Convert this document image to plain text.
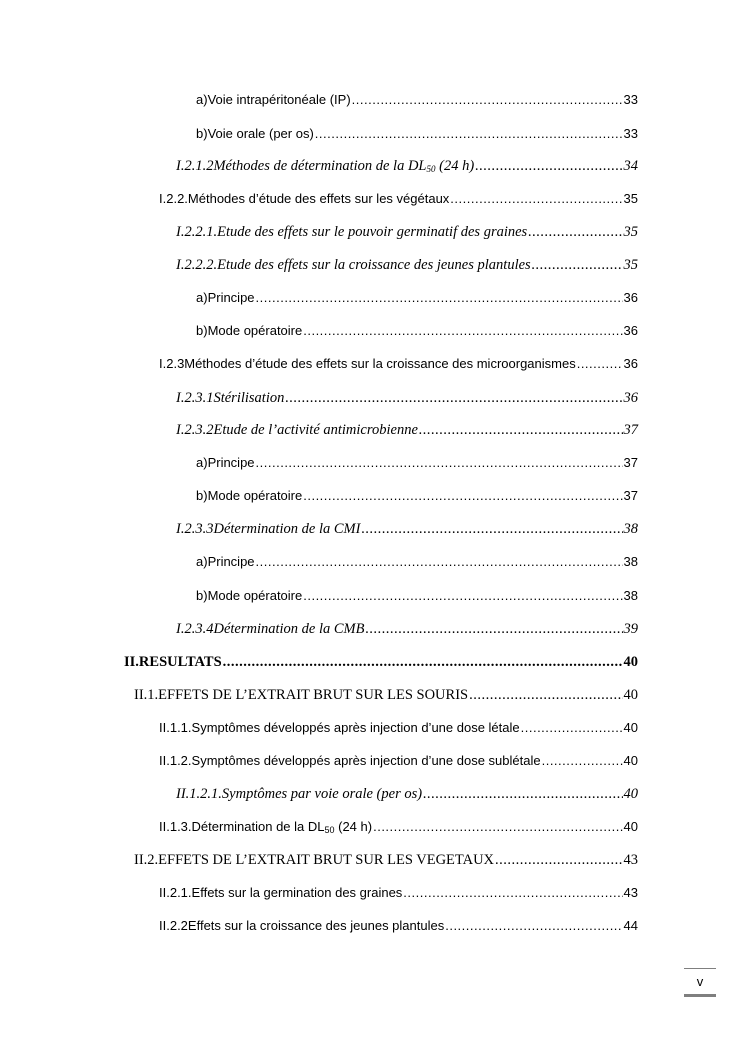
a) Voie intrapéritonéale (IP) .....	33
b) Voie orale (per os) .....	33
I.2.1.2 Méthodes de détermination de la $DL_{50}$ (24 h) .....	34
I.2.2. Méthodes d’étude des effets sur les végétaux .....	35
I.2.2.1. Etude des effets sur le pouvoir germinatif des graines .....	35
I.2.2.2. Etude des effets sur la croissance des jeunes plantules .....	35
a) Principe .....	36
b) Mode opératoire .....	36
I.2.3 Méthodes d’étude des effets sur la croissance des microorganismes .....	36
I.2.3.1 Stérilisation .....	36
I.2.3.2 Etude de l’activité antimicrobienne .....	37
a) Principe .....	37
b) Mode opératoire .....	37
I.2.3.3 Détermination de la CMI .....	38
a) Principe .....	38
b) Mode opératoire .....	38
I.2.3.4 Détermination de la CMB .....	39
II. RESULTATS .....	40
II.1. EFFETS DE L’EXTRAIT BRUT SUR LES SOURIS .....	40
II.1.1. Symptômes développés après injection d’une dose létale .....	40
II.1.2. Symptômes développés après injection d’une dose sublétale .....	40
II.1.2.1. Symptômes par voie orale (per os) .....	40
II.1.3. Détermination de la $DL_{50}$ (24 h) .....	40
II.2. EFFETS DE L’EXTRAIT BRUT SUR LES VEGETAUX .....	43
II.2.1. Effets sur la germination des graines .....	43
II.2.2 Effets sur la croissance des jeunes plantules .....	44
v
